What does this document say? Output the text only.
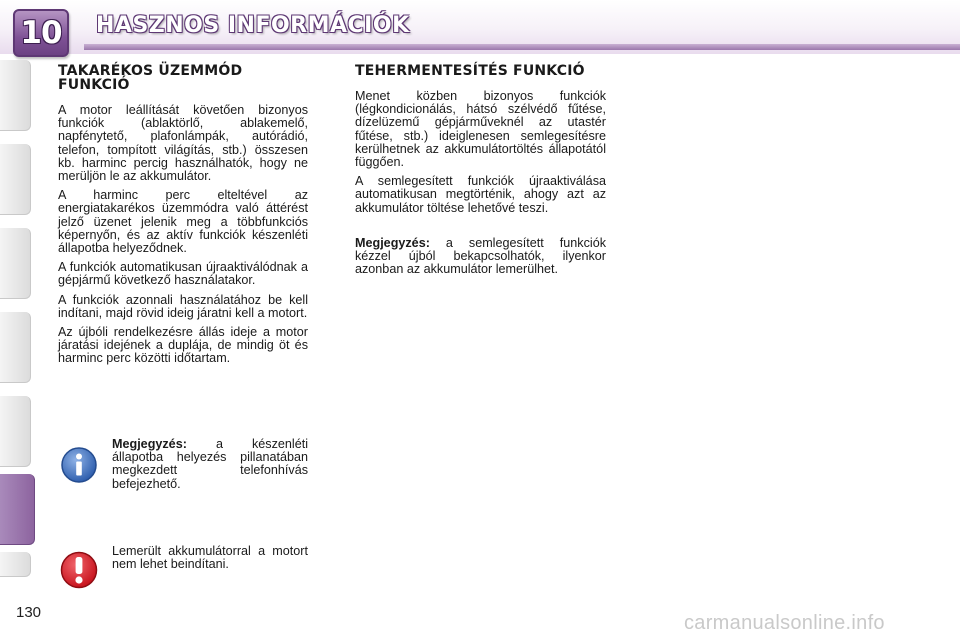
10 HASZNOS INFORMÁCIÓK
TAKARÉKOS ÜZEMMÓD FUNKCIÓ

A motor leállítását követően bizonyos funkciók (ablaktörlő, ablakemelő, napfénytető, plafonlámpák, autórádió, telefon, tompított világítás, stb.) összesen kb. harminc percig használhatók, hogy ne merüljön le az akkumulátor.

A harminc perc elteltével az energiatakarékos üzemmódra való áttérést jelző üzenet jelenik meg a többfunkciós képernyőn, és az aktív funkciók készenléti állapotba helyeződnek.

A funkciók automatikusan újraaktiválódnak a gépjármű következő használatakor.

A funkciók azonnali használatához be kell indítani, majd rövid ideig járatni kell a motort.

Az újbóli rendelkezésre állás ideje a motor járatási idejének a duplája, de mindig öt és harminc perc közötti időtartam.

Megjegyzés: a készenléti állapotba helyezés pillanatában megkezdett telefonhívás befejezhető.

Lemerült akkumulátorral a motort nem lehet beindítani.

TEHERMENTESÍTÉS FUNKCIÓ

Menet közben bizonyos funkciók (légkondicionálás, hátsó szélvédő fűtése, dízelüzemű gépjárműveknél az utastér fűtése, stb.) ideiglenesen semlegesítésre kerülhetnek az akkumulátortöltés állapotától függően.

A semlegesített funkciók újraaktiválása automatikusan megtörténik, ahogy azt az akkumulátor töltése lehetővé teszi.

Megjegyzés: a semlegesített funkciók kézzel újból bekapcsolhatók, ilyenkor azonban az akkumulátor lemerülhet.

130	carmanualsonline.info
